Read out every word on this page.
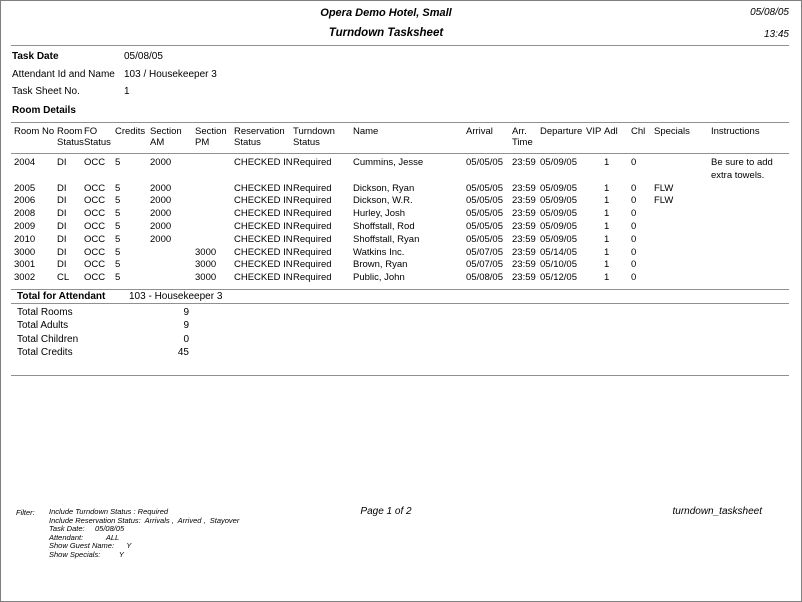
Opera Demo Hotel, Small
Turndown Tasksheet
05/08/05
13:45
Task Date	05/08/05
Attendant Id and Name 103 / Housekeeper 3
Task Sheet No.	1
Room Details
Room No	Room Status	FO Status	Credits	Section AM	Section PM	Reservation Status	Turndown Status	Name	Arrival	Arr. Time	Departure	VIP	Adl	Chl	Specials	Instructions
2004	DI	OCC	5	2000		CHECKED IN	Required	Cummins, Jesse	05/05/05	23:59	05/09/05		1	0		Be sure to add extra towels.
2005	DI	OCC	5	2000		CHECKED IN	Required	Dickson, Ryan	05/05/05	23:59	05/09/05		1	0	FLW	
2006	DI	OCC	5	2000		CHECKED IN	Required	Dickson, W.R.	05/05/05	23:59	05/09/05		1	0	FLW	
2008	DI	OCC	5	2000		CHECKED IN	Required	Hurley, Josh	05/05/05	23:59	05/09/05		1	0		
2009	DI	OCC	5	2000		CHECKED IN	Required	Shoffstall, Rod	05/05/05	23:59	05/09/05		1	0		
2010	DI	OCC	5	2000		CHECKED IN	Required	Shoffstall, Ryan	05/05/05	23:59	05/09/05		1	0		
3000	DI	OCC	5		3000	CHECKED IN	Required	Watkins Inc.	05/07/05	23:59	05/14/05		1	0		
3001	DI	OCC	5		3000	CHECKED IN	Required	Brown, Ryan	05/07/05	23:59	05/10/05		1	0		
3002	CL	OCC	5		3000	CHECKED IN	Required	Public, John	05/08/05	23:59	05/12/05		1	0		
Total for Attendant 103 - Housekeeper 3
Total Rooms	9
Total Adults	9
Total Children	0
Total Credits	45
Filter: Include Turndown Status : Required
Include Reservation Status:  Arrivals ,  Arrived ,  Stayover
Task Date:     05/08/05
Attendant:           ALL
Show Guest Name:      Y
Show Specials:         Y
Page 1 of 2	turndown_tasksheet
